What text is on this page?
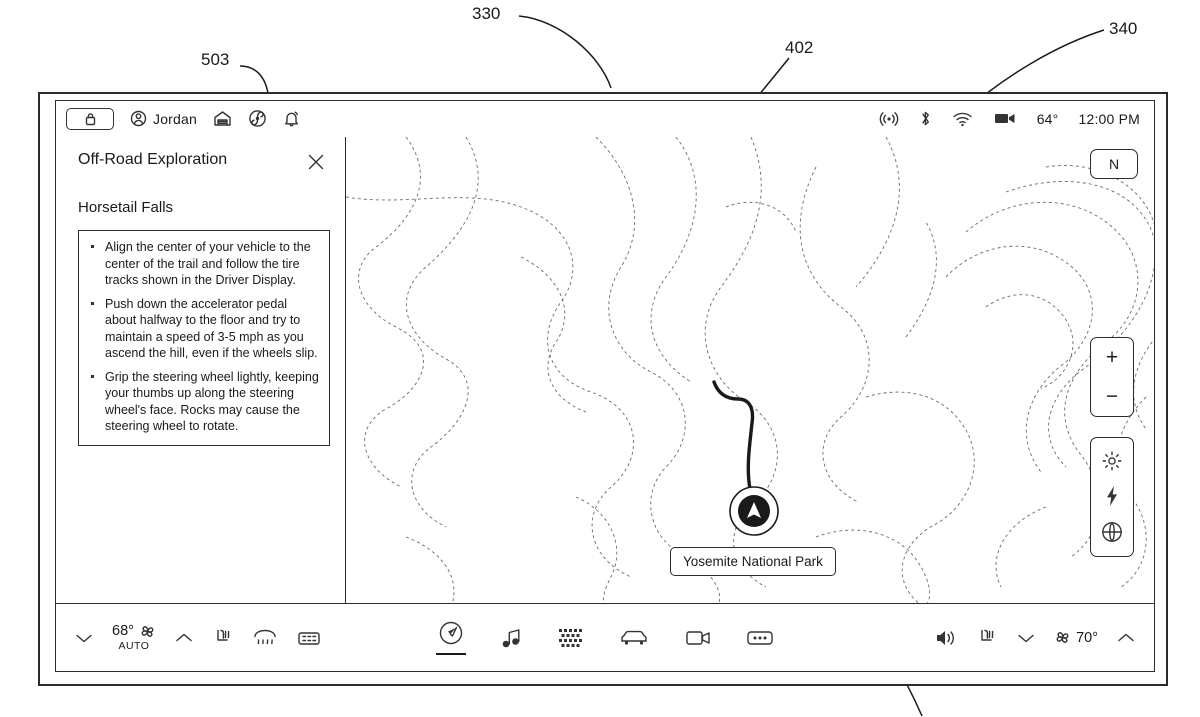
330
402
340
503
Jordan	64° 12:00 PM
Off-Road Exploration
Horsetail Falls
Align the center of your vehicle to the center of the trail and follow the tire tracks shown in the Driver Display.
Push down the accelerator pedal about halfway to the floor and try to maintain a speed of 3-5 mph as you ascend the hill, even if the wheels slip.
Grip the steering wheel lightly, keeping your thumbs up along the steering wheel's face. Rocks may cause the steering wheel to rotate.
Yosemite National Park
N
+
−
68°
AUTO
70°
